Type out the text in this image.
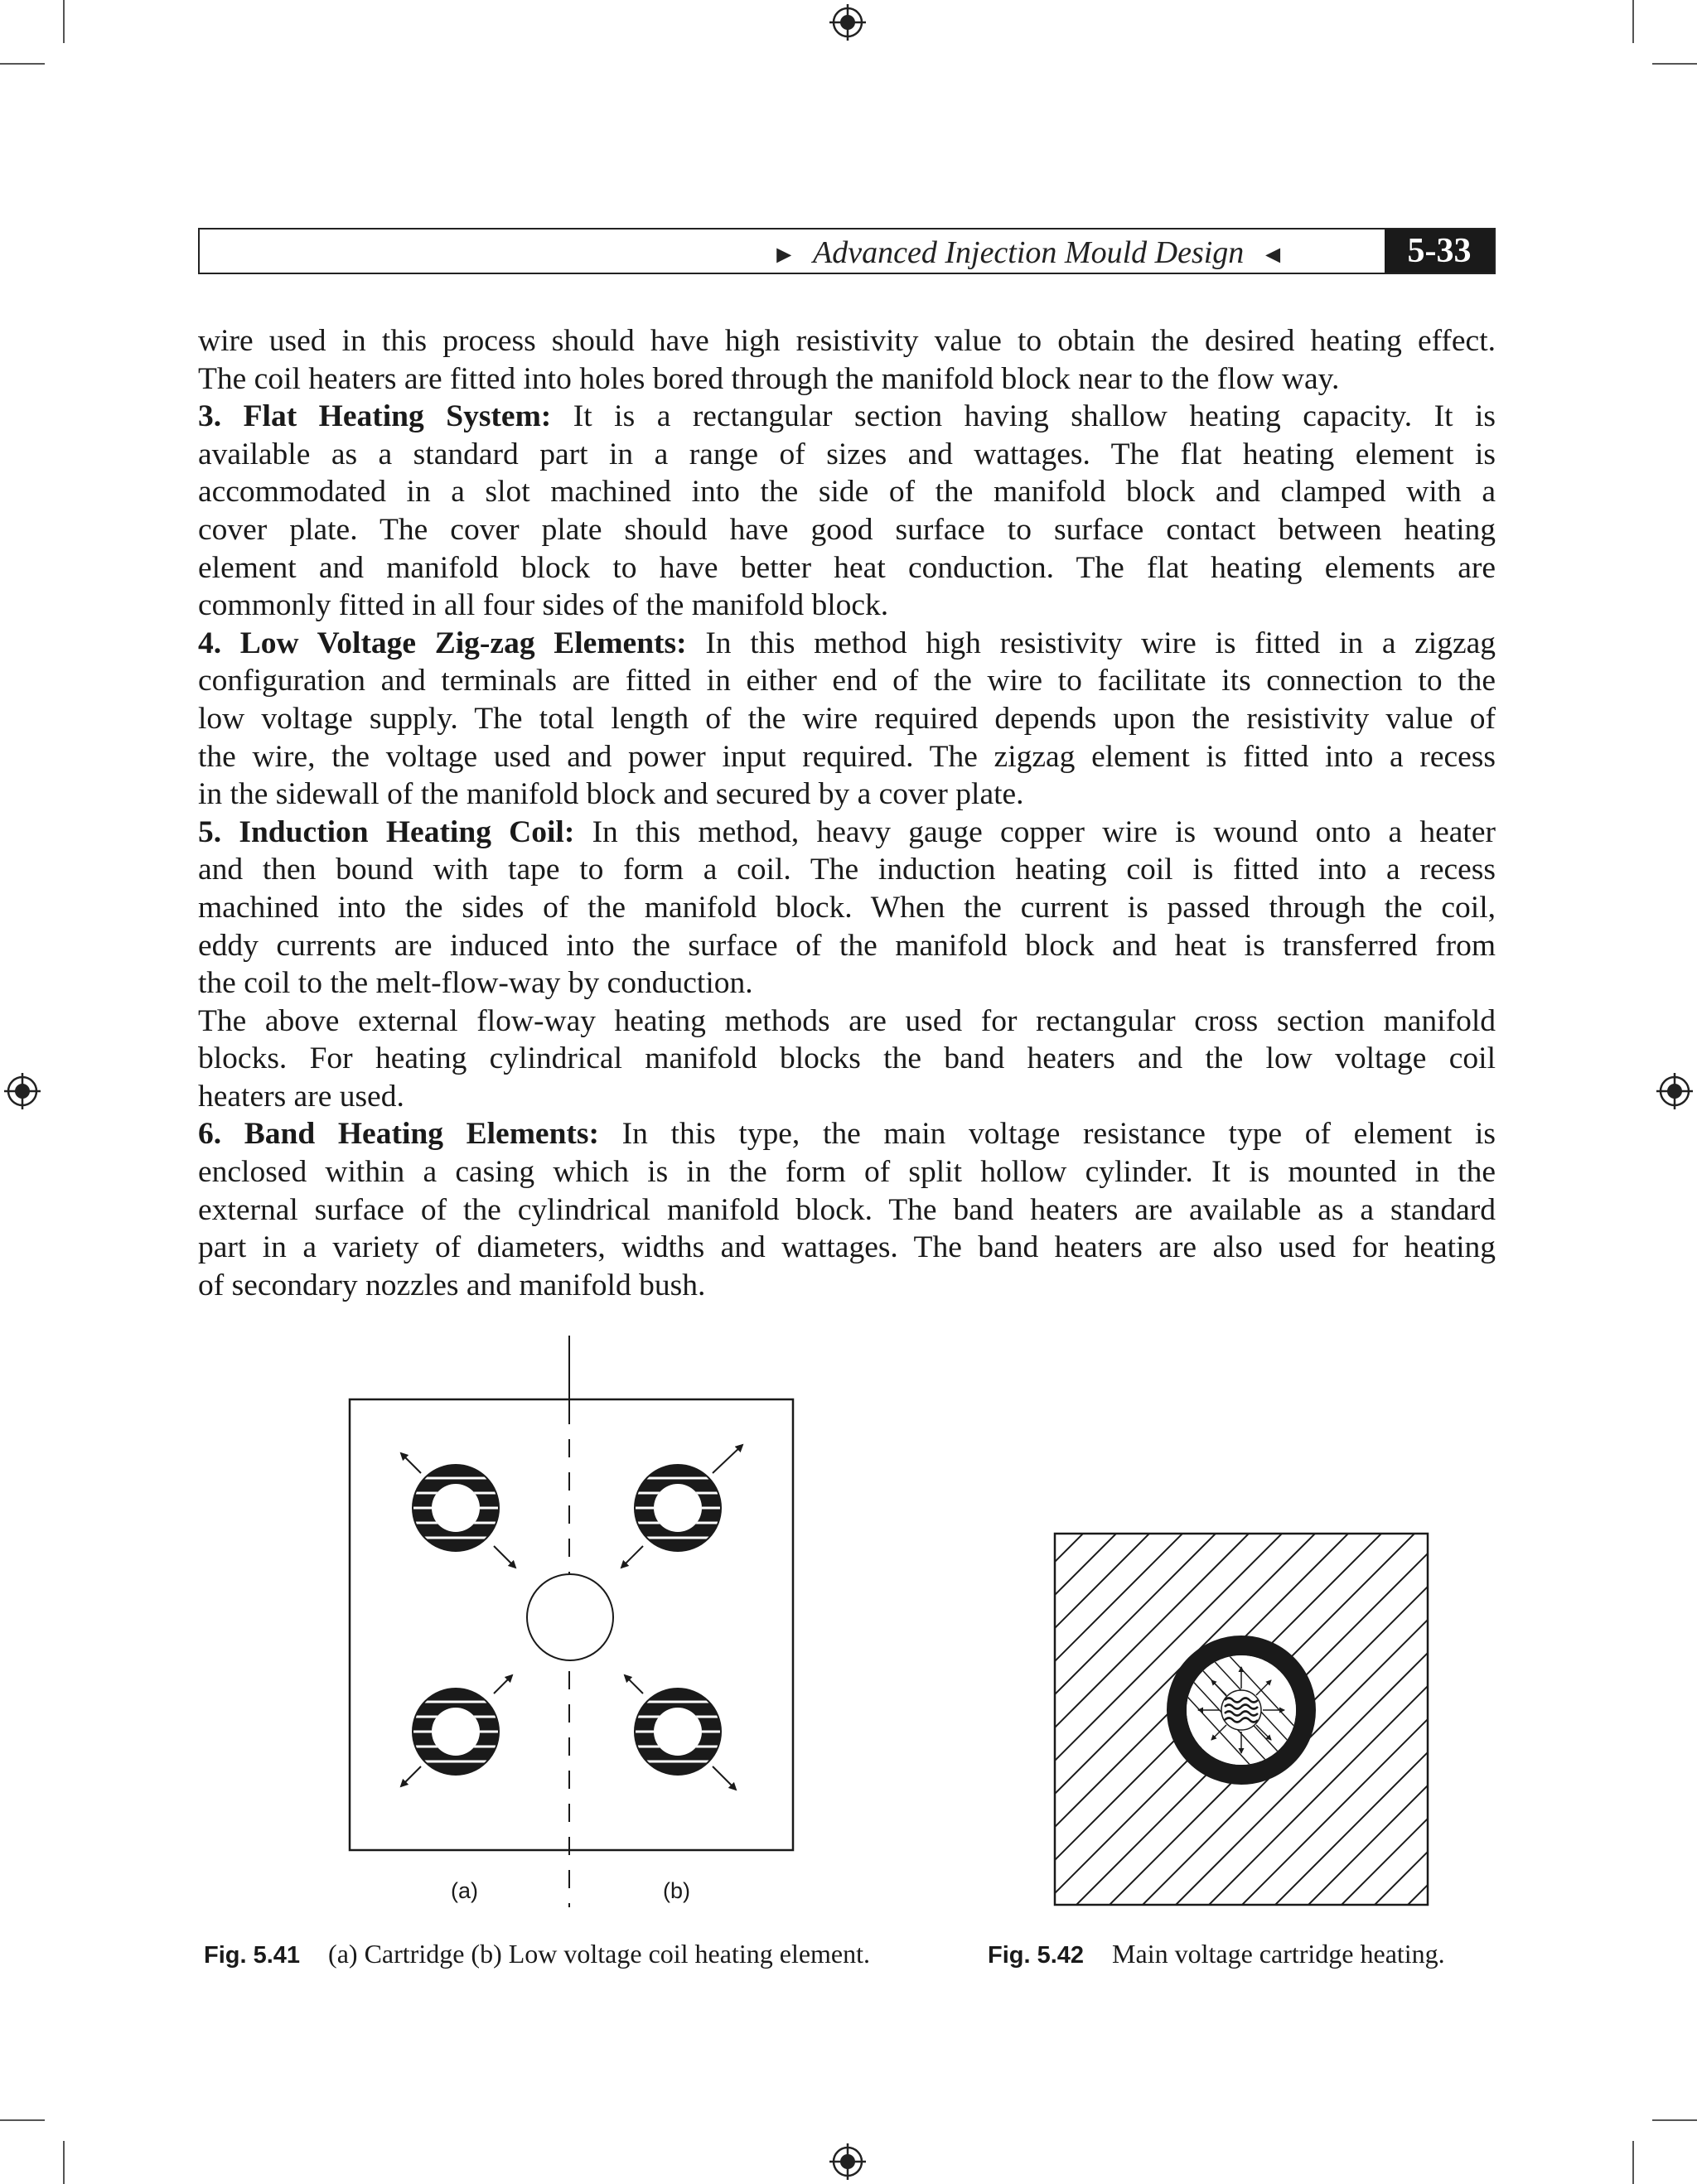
► Advanced Injection Mould Design ◄	5-33
wire used in this process should have high resistivity value to obtain the desired heating effect.
The coil heaters are fitted into holes bored through the manifold block near to the flow way.
3. Flat Heating System: It is a rectangular section having shallow heating capacity. It is
available as a standard part in a range of sizes and wattages. The flat heating element is
accommodated in a slot machined into the side of the manifold block and clamped with a
cover plate. The cover plate should have good surface to surface contact between heating
element and manifold block to have better heat conduction. The flat heating elements are
commonly fitted in all four sides of the manifold block.
4. Low Voltage Zig-zag Elements: In this method high resistivity wire is fitted in a zigzag
configuration and terminals are fitted in either end of the wire to facilitate its connection to the
low voltage supply. The total length of the wire required depends upon the resistivity value of
the wire, the voltage used and power input required. The zigzag element is fitted into a recess
in the sidewall of the manifold block and secured by a cover plate.
5. Induction Heating Coil: In this method, heavy gauge copper wire is wound onto a heater
and then bound with tape to form a coil. The induction heating coil is fitted into a recess
machined into the sides of the manifold block. When the current is passed through the coil,
eddy currents are induced into the surface of the manifold block and heat is transferred from
the coil to the melt-flow-way by conduction.
The above external flow-way heating methods are used for rectangular cross section manifold
blocks. For heating cylindrical manifold blocks the band heaters and the low voltage coil
heaters are used.
6. Band Heating Elements: In this type, the main voltage resistance type of element is
enclosed within a casing which is in the form of split hollow cylinder. It is mounted in the
external surface of the cylindrical manifold block. The band heaters are available as a standard
part in a variety of diameters, widths and wattages. The band heaters are also used for heating
of secondary nozzles and manifold bush.
(a)	(b)
Fig. 5.41 (a) Cartridge (b) Low voltage coil heating element.	Fig. 5.42 Main voltage cartridge heating.
